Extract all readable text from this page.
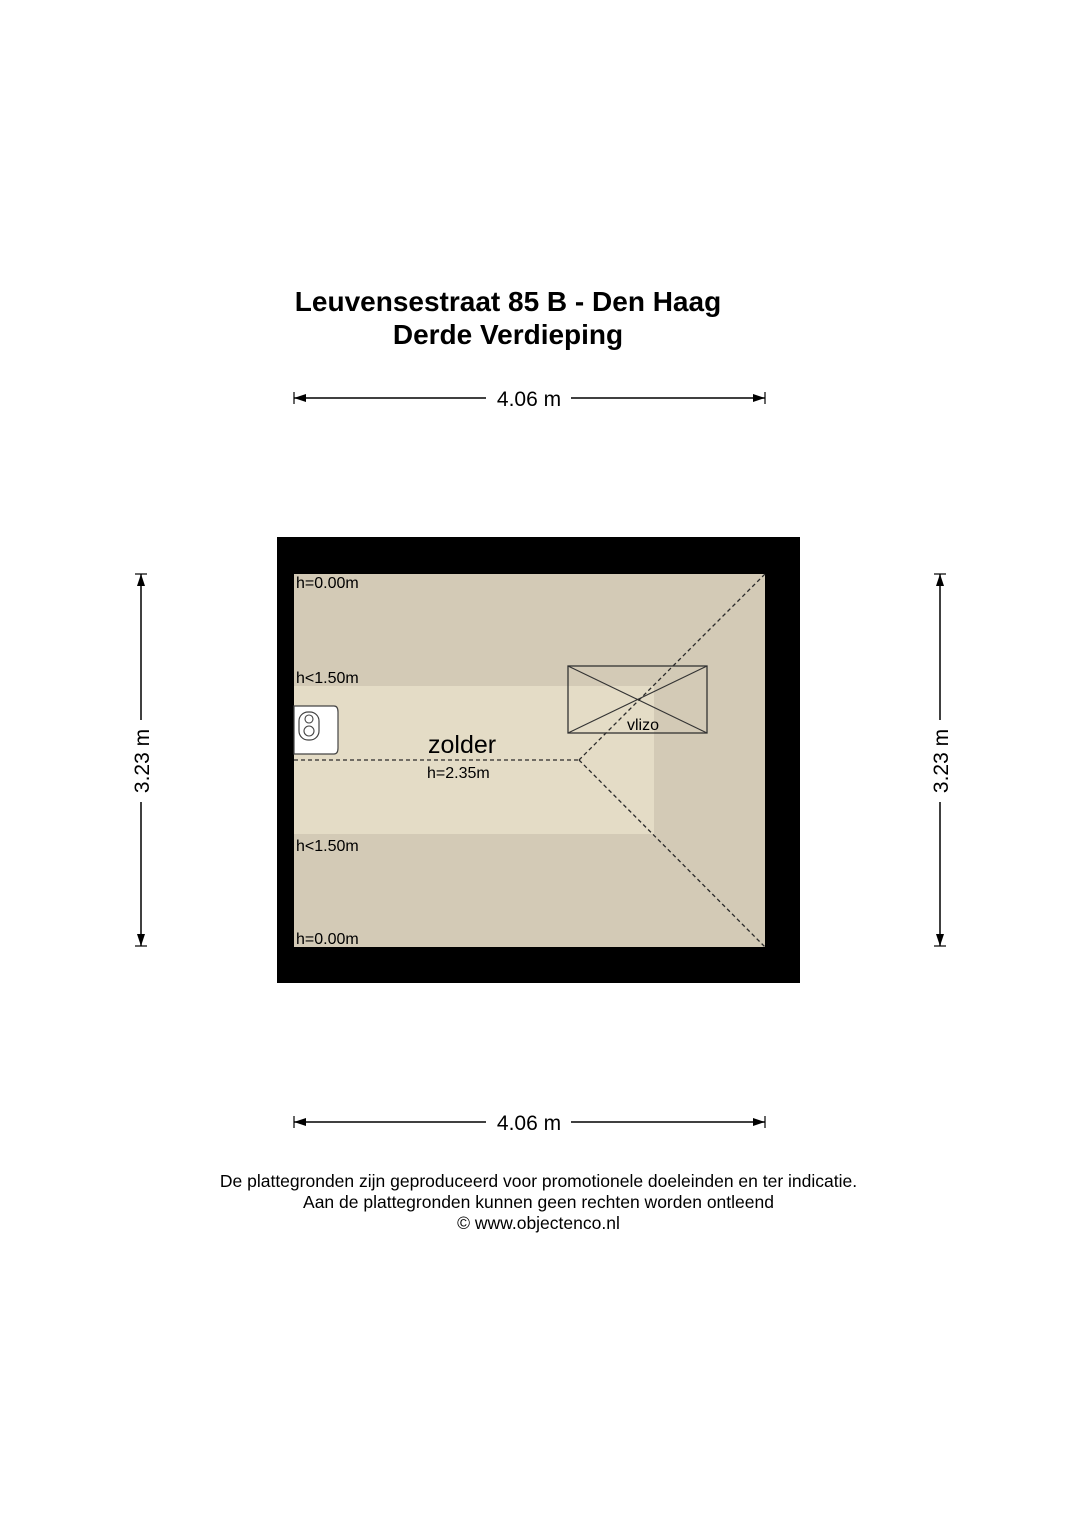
Leuvensestraat 85 B - Den Haag
Derde Verdieping
4.06 m
4.06 m
3.23 m	3.23 m
vlizo
zolder
h=2.35m
h=0.00m
h<1.50m
h<1.50m
h=0.00m
De plattegronden zijn geproduceerd voor promotionele doeleinden en ter indicatie.
Aan de plattegronden kunnen geen rechten worden ontleend
© www.objectenco.nl
